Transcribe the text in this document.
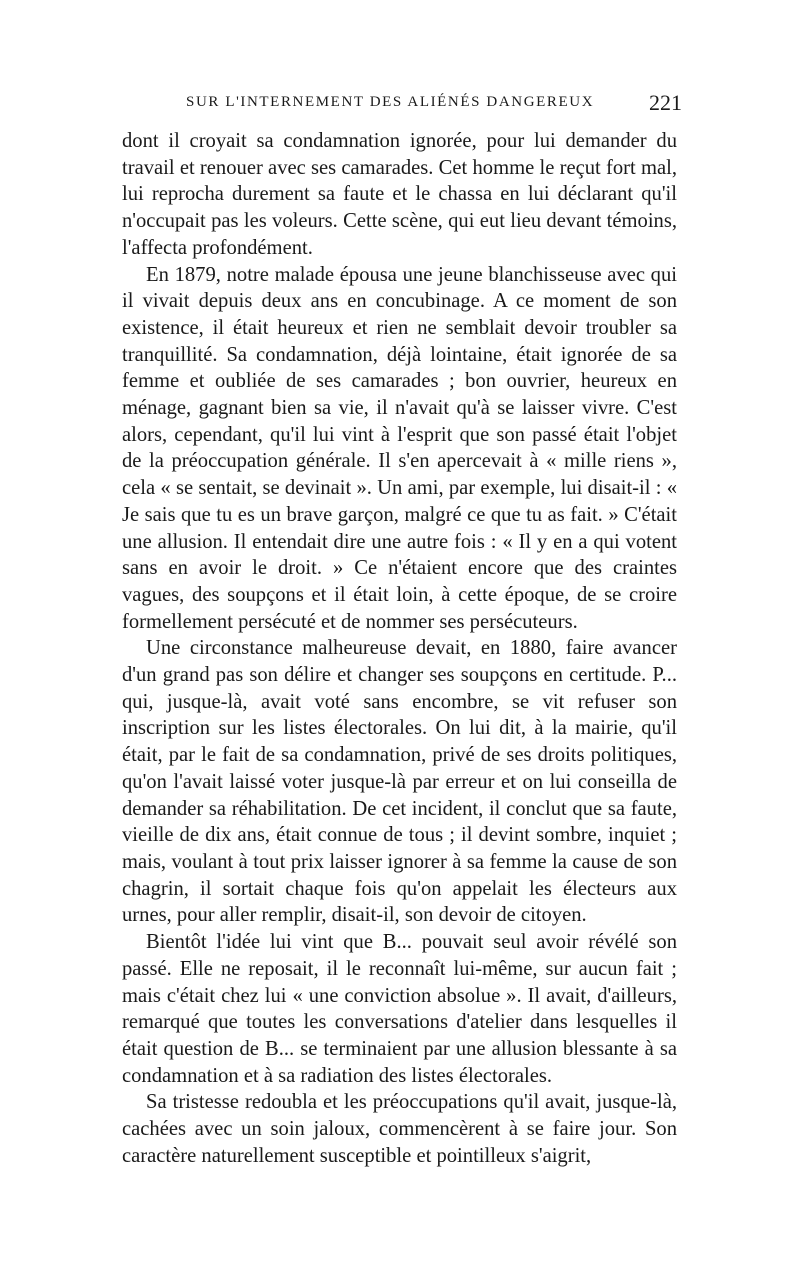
SUR L'INTERNEMENT DES ALIÉNÉS DANGEREUX 221

dont il croyait sa condamnation ignorée, pour lui demander du travail et renouer avec ses camarades. Cet homme le reçut fort mal, lui reprocha durement sa faute et le chassa en lui déclarant qu'il n'occupait pas les voleurs. Cette scène, qui eut lieu devant témoins, l'affecta profondément.

En 1879, notre malade épousa une jeune blanchisseuse avec qui il vivait depuis deux ans en concubinage. A ce moment de son existence, il était heureux et rien ne semblait devoir troubler sa tranquillité. Sa condamnation, déjà lointaine, était ignorée de sa femme et oubliée de ses camarades ; bon ouvrier, heureux en ménage, gagnant bien sa vie, il n'avait qu'à se laisser vivre. C'est alors, cependant, qu'il lui vint à l'esprit que son passé était l'objet de la préoccupation générale. Il s'en apercevait à « mille riens », cela « se sentait, se devinait ». Un ami, par exemple, lui disait-il : « Je sais que tu es un brave garçon, malgré ce que tu as fait. » C'était une allusion. Il entendait dire une autre fois : « Il y en a qui votent sans en avoir le droit. » Ce n'étaient encore que des craintes vagues, des soupçons et il était loin, à cette époque, de se croire formellement persécuté et de nommer ses persécuteurs.

Une circonstance malheureuse devait, en 1880, faire avancer d'un grand pas son délire et changer ses soupçons en certitude. P... qui, jusque-là, avait voté sans encombre, se vit refuser son inscription sur les listes électorales. On lui dit, à la mairie, qu'il était, par le fait de sa condamnation, privé de ses droits politiques, qu'on l'avait laissé voter jusque-là par erreur et on lui conseilla de demander sa réhabilitation. De cet incident, il conclut que sa faute, vieille de dix ans, était connue de tous ; il devint sombre, inquiet ; mais, voulant à tout prix laisser ignorer à sa femme la cause de son chagrin, il sortait chaque fois qu'on appelait les électeurs aux urnes, pour aller remplir, disait-il, son devoir de citoyen.

Bientôt l'idée lui vint que B... pouvait seul avoir révélé son passé. Elle ne reposait, il le reconnaît lui-même, sur aucun fait ; mais c'était chez lui « une conviction absolue ». Il avait, d'ailleurs, remarqué que toutes les conversations d'atelier dans lesquelles il était question de B... se terminaient par une allusion blessante à sa condamnation et à sa radiation des listes électorales.

Sa tristesse redoubla et les préoccupations qu'il avait, jusque-là, cachées avec un soin jaloux, commencèrent à se faire jour. Son caractère naturellement susceptible et pointilleux s'aigrit,
